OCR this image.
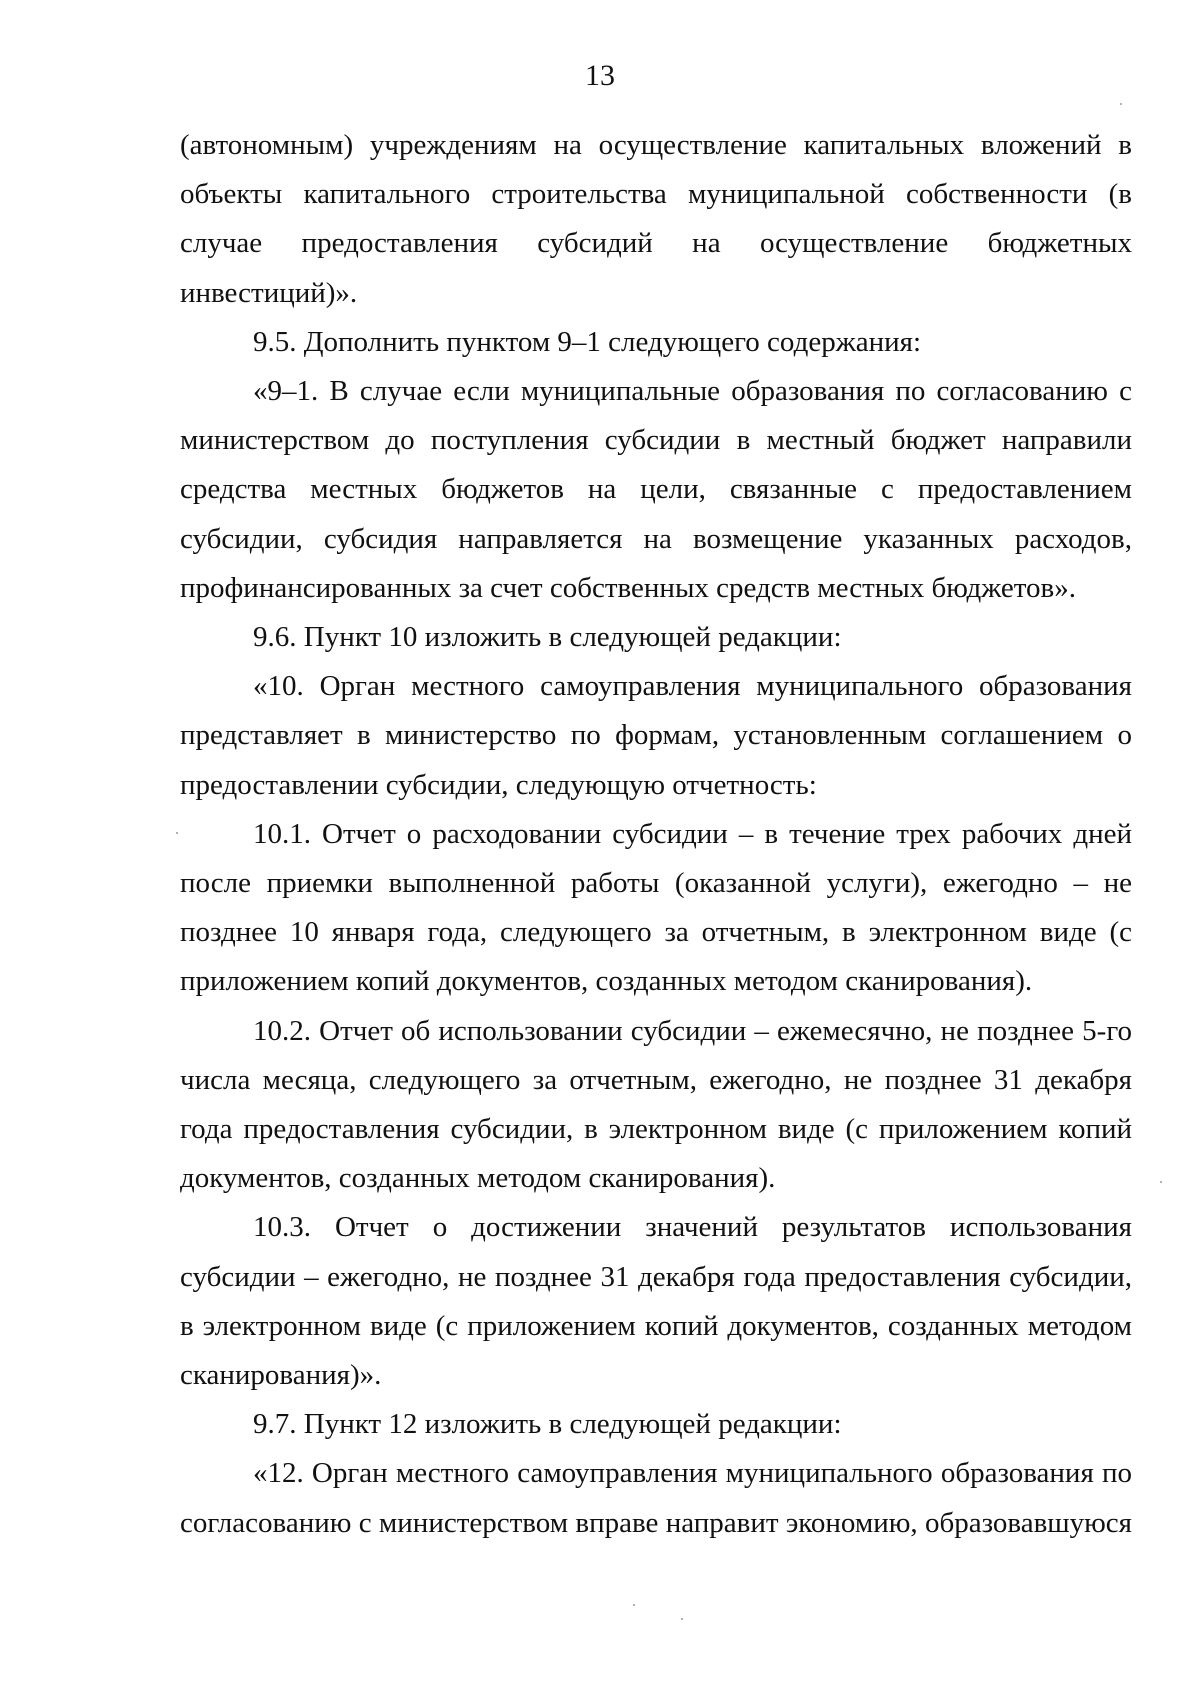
13

(автономным) учреждениям на осуществление капитальных вложений в объекты капитального строительства муниципальной собственности (в случае предоставления субсидий на осуществление бюджетных инвестиций)».

9.5. Дополнить пунктом 9–1 следующего содержания:

«9–1. В случае если муниципальные образования по согласованию с министерством до поступления субсидии в местный бюджет направили средства местных бюджетов на цели, связанные с предоставлением субсидии, субсидия направляется на возмещение указанных расходов, профинансированных за счет собственных средств местных бюджетов».

9.6. Пункт 10 изложить в следующей редакции:

«10. Орган местного самоуправления муниципального образования представляет в министерство по формам, установленным соглашением о предоставлении субсидии, следующую отчетность:

10.1. Отчет о расходовании субсидии – в течение трех рабочих дней после приемки выполненной работы (оказанной услуги), ежегодно – не позднее 10 января года, следующего за отчетным, в электронном виде (с приложением копий документов, созданных методом сканирования).

10.2. Отчет об использовании субсидии – ежемесячно, не позднее 5-го числа месяца, следующего за отчетным, ежегодно, не позднее 31 декабря года предоставления субсидии, в электронном виде (с приложением копий документов, созданных методом сканирования).

10.3. Отчет о достижении значений результатов использования субсидии – ежегодно, не позднее 31 декабря года предоставления субсидии, в электронном виде (с приложением копий документов, созданных методом сканирования)».

9.7. Пункт 12 изложить в следующей редакции:

«12. Орган местного самоуправления муниципального образования по согласованию с министерством вправе направит экономию, образовавшуюся
